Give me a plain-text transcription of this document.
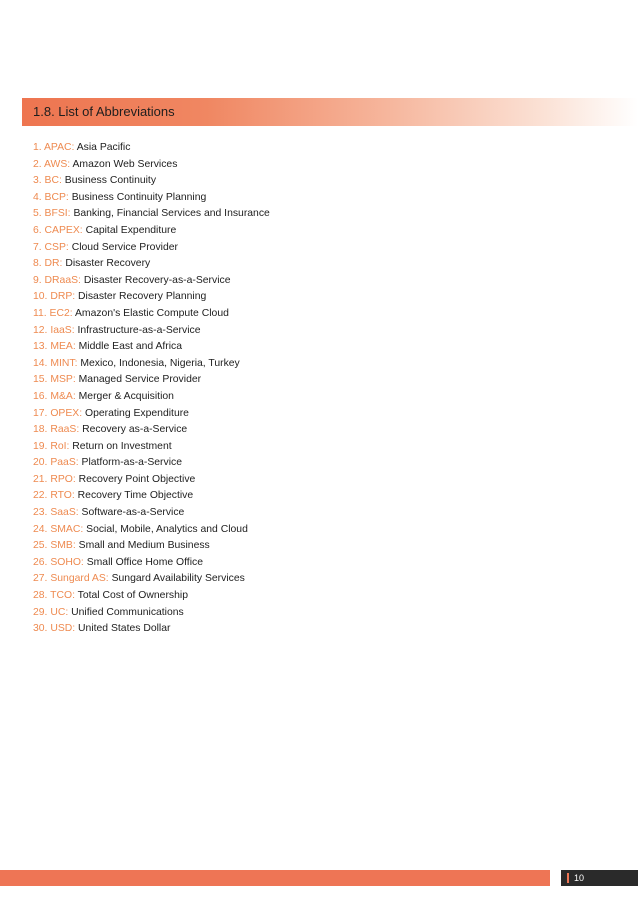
1.8. List of Abbreviations
1. APAC: Asia Pacific
2. AWS: Amazon Web Services
3. BC: Business Continuity
4. BCP: Business Continuity Planning
5. BFSI: Banking, Financial Services and Insurance
6. CAPEX: Capital Expenditure
7. CSP: Cloud Service Provider
8. DR: Disaster Recovery
9. DRaaS: Disaster Recovery-as-a-Service
10. DRP: Disaster Recovery Planning
11. EC2: Amazon's Elastic Compute Cloud
12. IaaS: Infrastructure-as-a-Service
13. MEA: Middle East and Africa
14. MINT: Mexico, Indonesia, Nigeria, Turkey
15. MSP: Managed Service Provider
16. M&A: Merger & Acquisition
17. OPEX: Operating Expenditure
18. RaaS: Recovery as-a-Service
19. RoI: Return on Investment
20. PaaS: Platform-as-a-Service
21. RPO: Recovery Point Objective
22. RTO: Recovery Time Objective
23. SaaS: Software-as-a-Service
24. SMAC: Social, Mobile, Analytics and Cloud
25. SMB: Small and Medium Business
26. SOHO: Small Office Home Office
27. Sungard AS: Sungard Availability Services
28. TCO: Total Cost of Ownership
29. UC: Unified Communications
30. USD: United States Dollar
10
